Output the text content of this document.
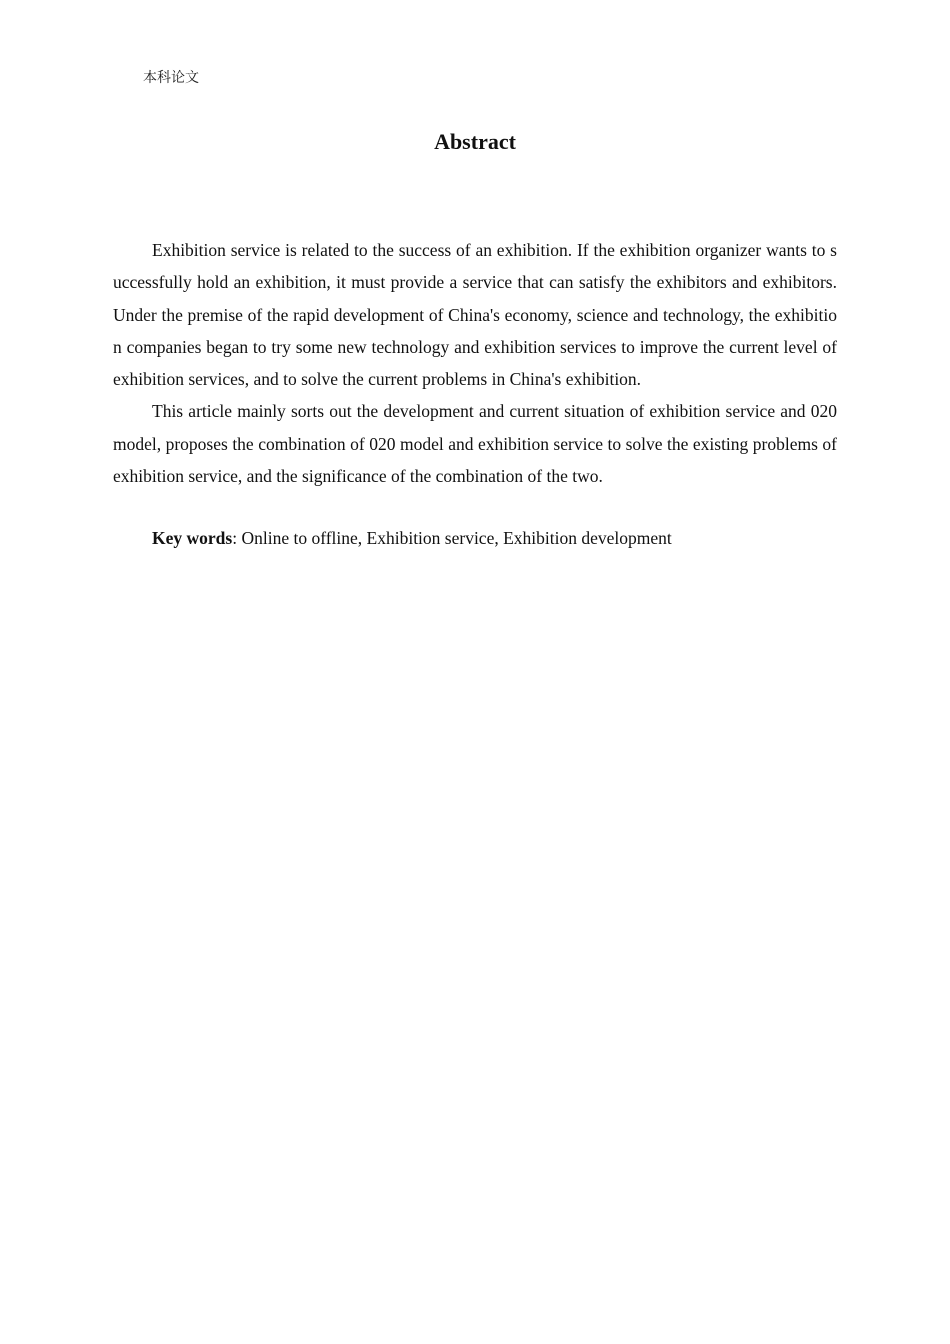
本科论文
Abstract

Exhibition service is related to the success of an exhibition. If the exhibition organizer wants to successfully hold an exhibition, it must provide a service that can satisfy the exhibitors and exhibitors. Under the premise of the rapid development of China's economy, science and technology, the exhibition companies began to try some new technology and exhibition services to improve the current level of exhibition services, and to solve the current problems in China's exhibition.

This article mainly sorts out the development and current situation of exhibition service and 020 model, proposes the combination of 020 model and exhibition service to solve the existing problems of exhibition service, and the significance of the combination of the two.

Key words: Online to offline, Exhibition service, Exhibition development
